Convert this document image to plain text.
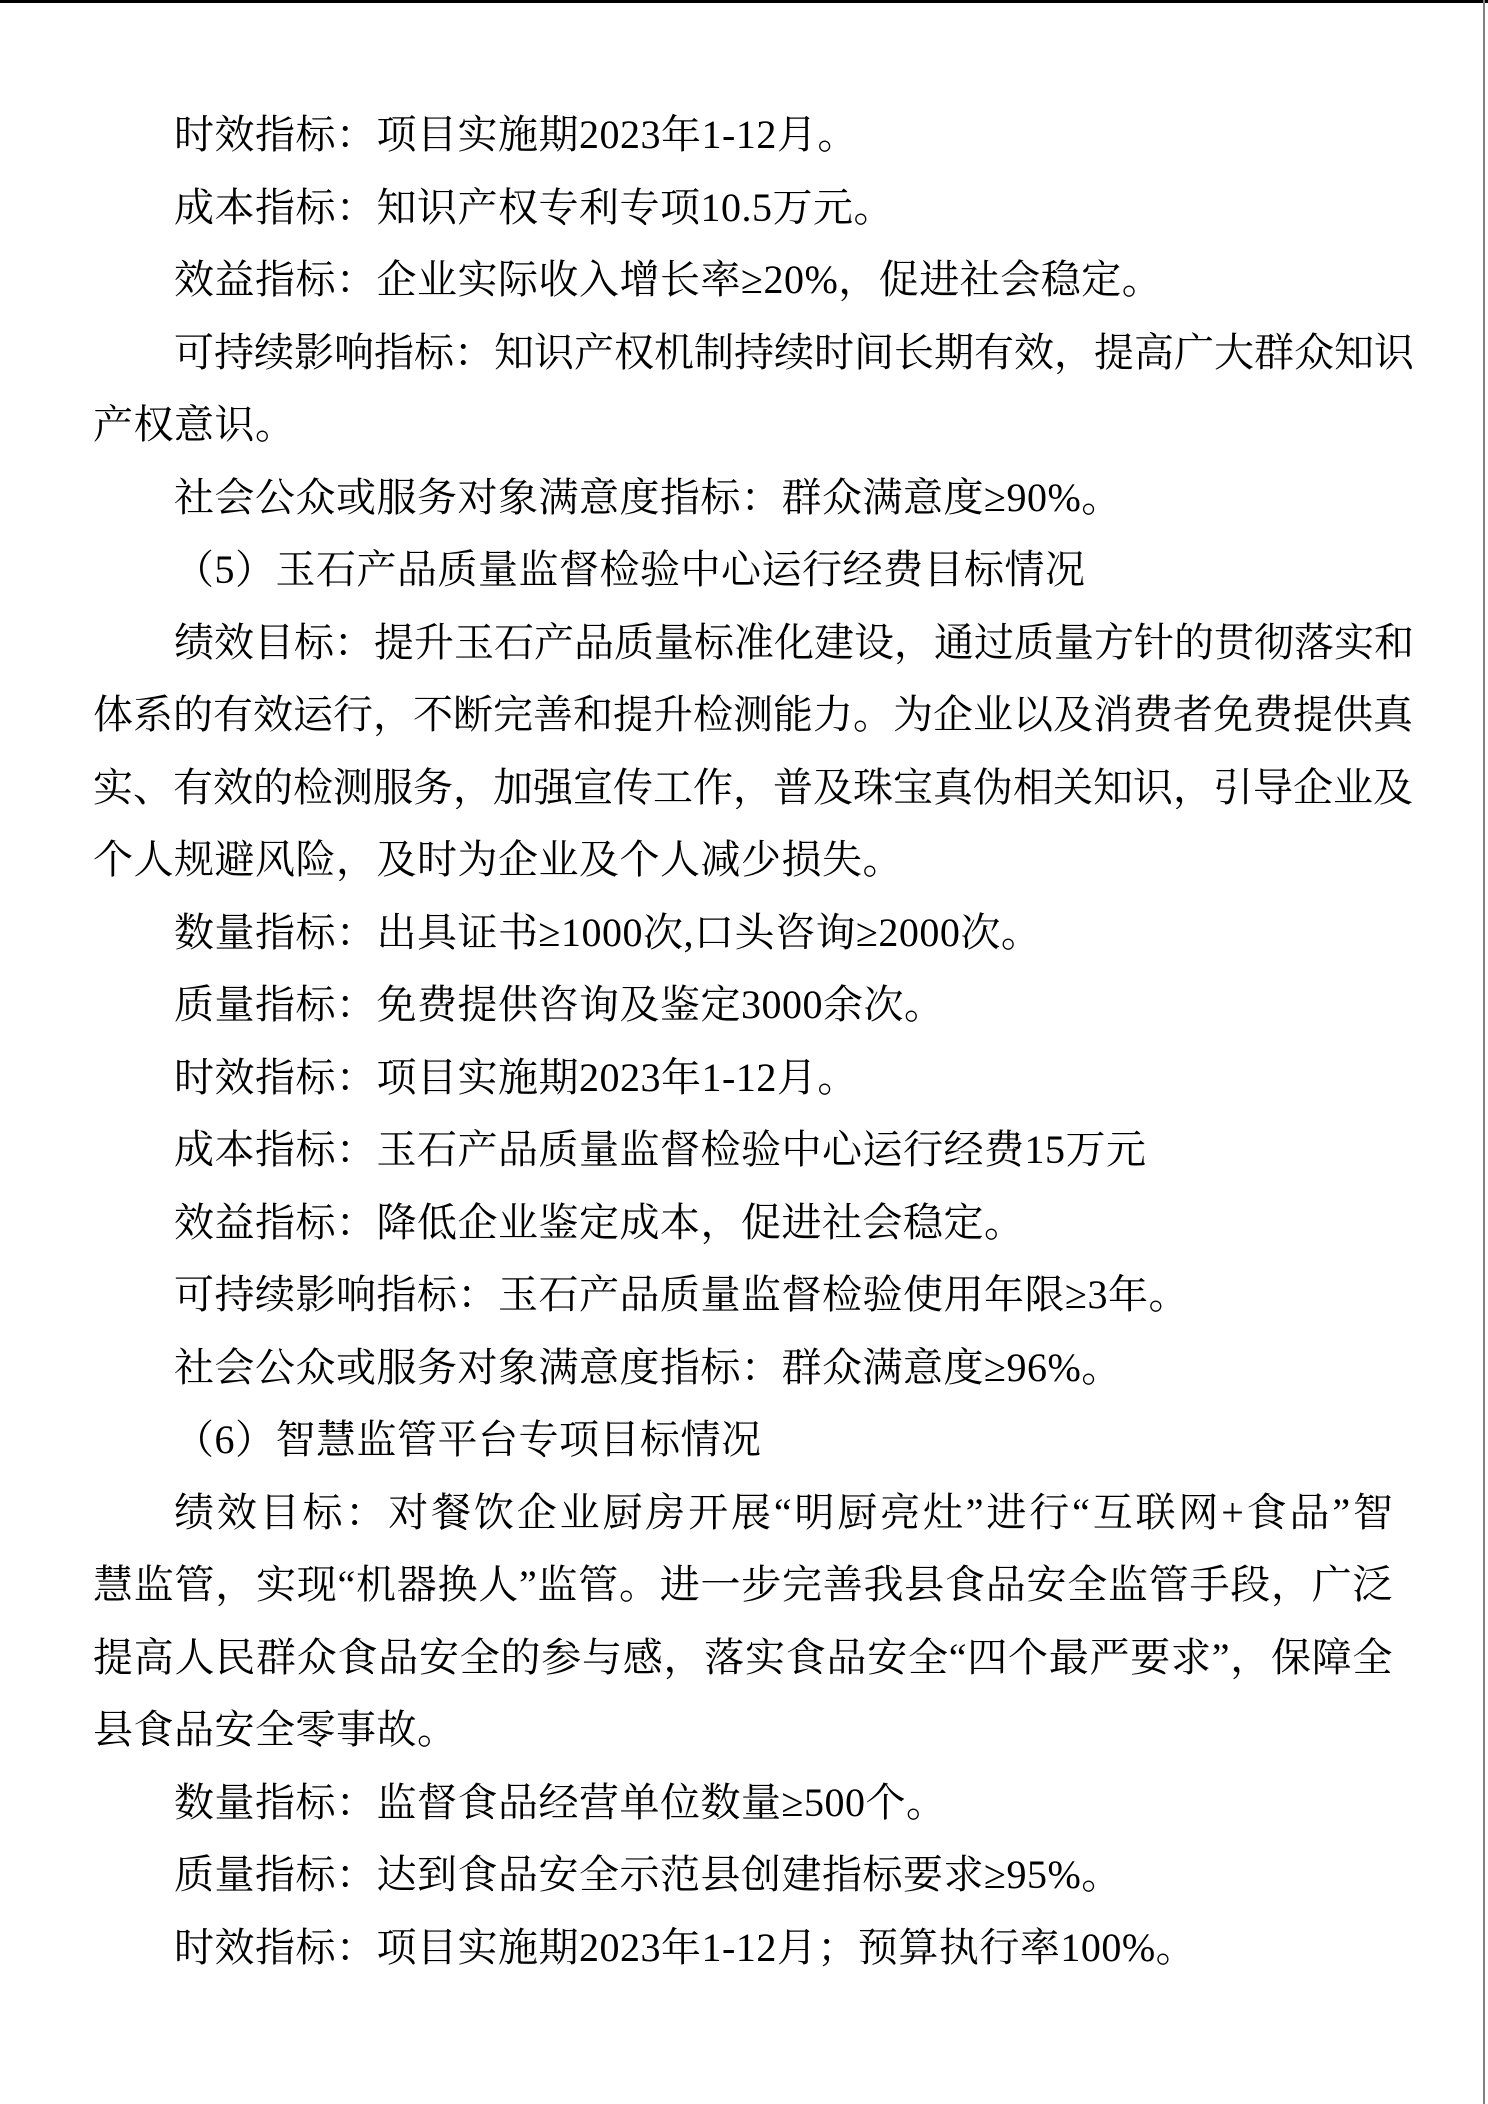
时效指标：项目实施期2023年1-12月。
成本指标：知识产权专利专项10.5万元。
效益指标：企业实际收入增长率≥20%，促进社会稳定。
可 持 续 影 响 指 标 ： 知 识 产 权 机 制 持 续 时 间 长 期 有 效 ， 提 高 广 大 群 众 知 识
产权意识。
社会公众或服务对象满意度指标：群众满意度≥90%。
（5）玉石产品质量监督检验中心运行经费目标情况
绩 效 目 标 ： 提 升 玉 石 产 品 质 量 标 准 化 建 设 ， 通 过 质 量 方 针 的 贯 彻 落 实 和
体 系 的 有 效 运 行 ， 不 断 完 善 和 提 升 检 测 能 力 。 为 企 业 以 及 消 费 者 免 费 提 供 真
实 、 有 效 的 检 测 服 务 ， 加 强 宣 传 工 作 ， 普 及 珠 宝 真 伪 相 关 知 识 ， 引 导 企 业 及
个人规避风险，及时为企业及个人减少损失。
数量指标：出具证书≥1000次,口头咨询≥2000次。
质量指标：免费提供咨询及鉴定3000余次。
时效指标：项目实施期2023年1-12月。
成本指标：玉石产品质量监督检验中心运行经费15万元
效益指标：降低企业鉴定成本，促进社会稳定。
可持续影响指标：玉石产品质量监督检验使用年限≥3年。
社会公众或服务对象满意度指标：群众满意度≥96%。
（6）智慧监管平台专项目标情况
绩 效 目 标 ： 对 餐 饮 企 业 厨 房 开 展 “ 明 厨 亮 灶 ” 进 行 “ 互 联 网 + 食 品 ” 智
慧 监 管 ， 实 现 “ 机 器 换 人 ” 监 管 。 进 一 步 完 善 我 县 食 品 安 全 监 管 手 段 ， 广 泛
提 高 人 民 群 众 食 品 安 全 的 参 与 感 ， 落 实 食 品 安 全 “ 四 个 最 严 要 求 ” ， 保 障 全
县食品安全零事故。
数量指标：监督食品经营单位数量≥500个。
质量指标：达到食品安全示范县创建指标要求≥95%。
时效指标：项目实施期2023年1-12月；预算执行率100%。
